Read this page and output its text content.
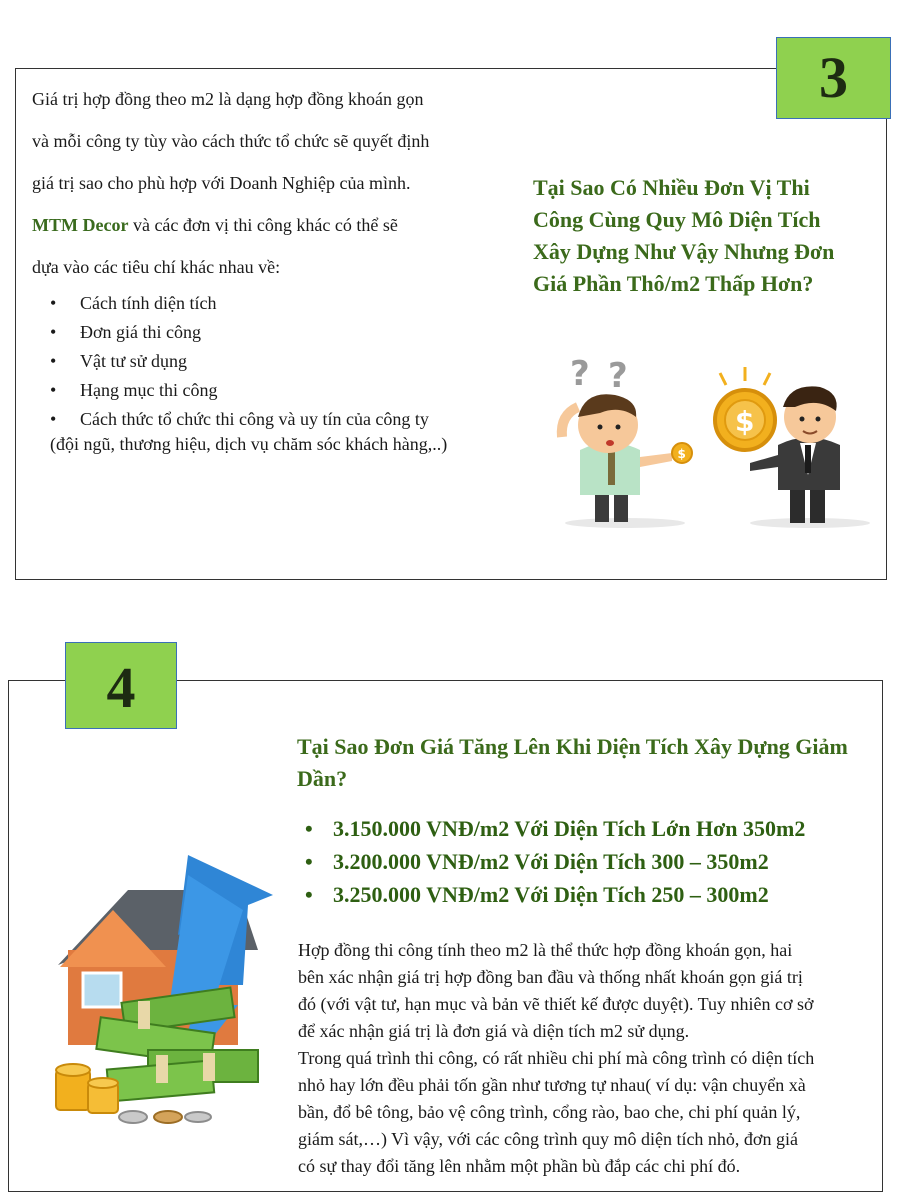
3
Giá trị hợp đồng theo m2 là dạng hợp đồng khoán gọn
và mỗi công ty tùy vào cách thức tổ chức sẽ quyết định
giá trị sao cho phù hợp với Doanh Nghiệp của mình.
MTM Decor và các đơn vị thi công khác có thể sẽ
dựa vào các tiêu chí khác nhau về:
• Cách tính diện tích
• Đơn giá thi công
• Vật tư sử dụng
• Hạng mục thi công
• Cách thức tổ chức thi công và uy tín của công ty
(đội ngũ, thương hiệu, dịch vụ chăm sóc khách hàng,..)
Tại Sao Có Nhiều Đơn Vị Thi Công Cùng Quy Mô Diện Tích Xây Dựng Như Vậy Nhưng Đơn Giá Phần Thô/m2 Thấp Hơn?
? ?
$
$
4
Tại Sao Đơn Giá Tăng Lên Khi Diện Tích Xây Dựng Giảm Dần?
• 3.150.000 VNĐ/m2 Với Diện Tích Lớn Hơn 350m2
• 3.200.000 VNĐ/m2 Với Diện Tích 300 – 350m2
• 3.250.000 VNĐ/m2 Với Diện Tích 250 – 300m2
Hợp đồng thi công tính theo m2 là thể thức hợp đồng khoán gọn, hai
bên xác nhận giá trị hợp đồng ban đầu và thống nhất khoán gọn giá trị
đó (với vật tư, hạn mục và bản vẽ thiết kế được duyệt). Tuy nhiên cơ sở
để xác nhận giá trị là đơn giá và diện tích m2 sử dụng.
Trong quá trình thi công, có rất nhiều chi phí mà công trình có diện tích
nhỏ hay lớn đều phải tốn gần như tương tự nhau( ví dụ: vận chuyển xà
bần, đổ bê tông, bảo vệ công trình, cổng rào, bao che, chi phí quản lý,
giám sát,…) Vì vậy, với các công trình quy mô diện tích nhỏ, đơn giá
có sự thay đổi tăng lên nhằm một phần bù đắp các chi phí đó.
